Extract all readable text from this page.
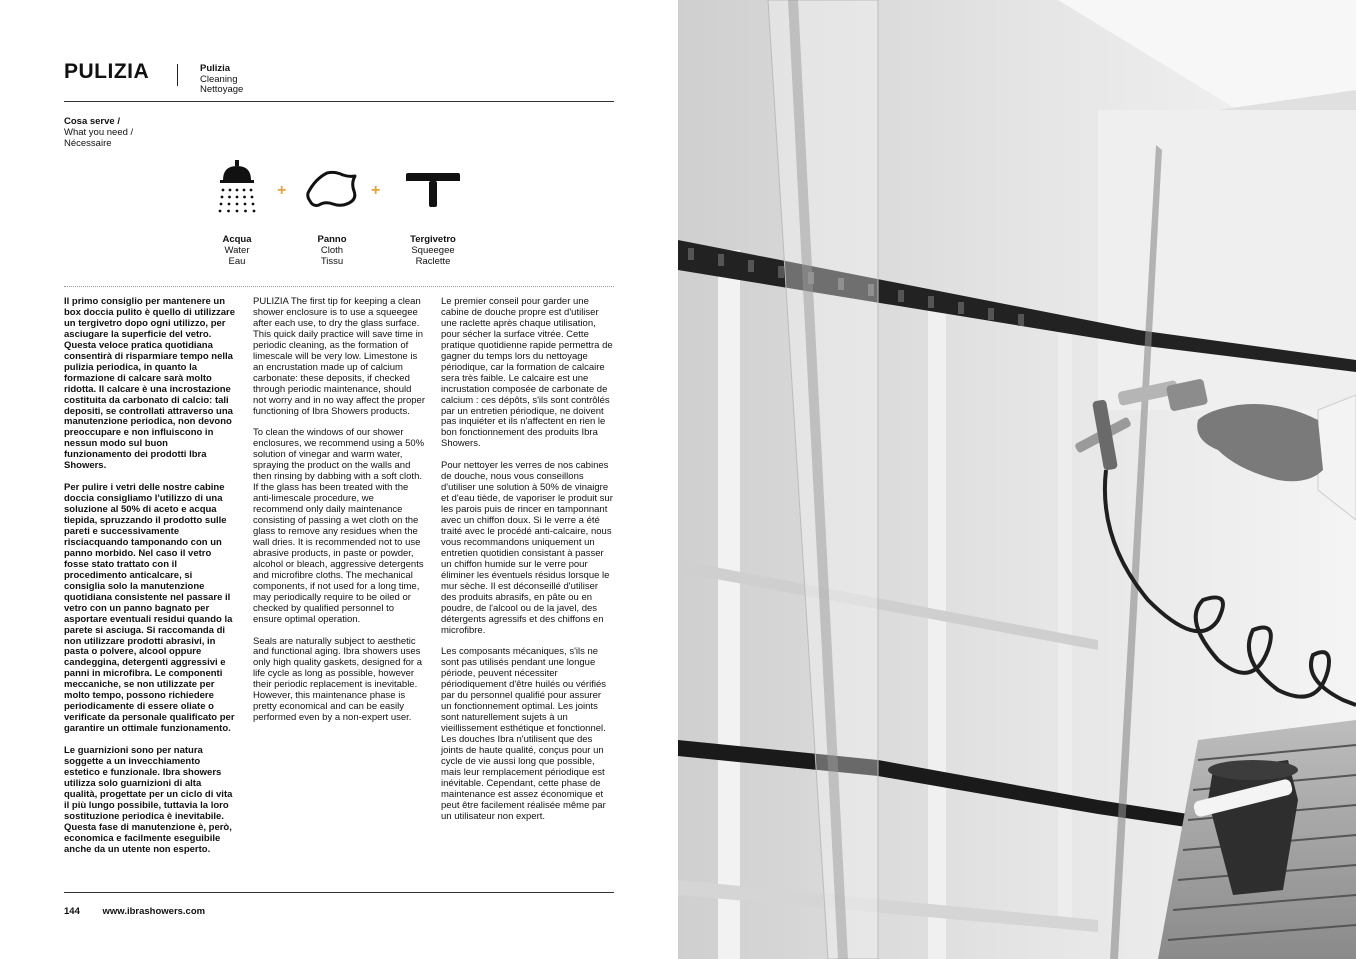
PULIZIA	Pulizia
Cleaning
Nettoyage
Cosa serve /
What you need /
Nécessaire
Acqua
Water
Eau
+
Panno
Cloth
Tissu
+
Tergivetro
Squeegee
Raclette

Il primo consiglio per mantenere un box doccia pulito è quello di utilizzare un tergivetro dopo ogni utilizzo, per asciugare la superficie del vetro. Questa veloce pratica quotidiana consentirà di risparmiare tempo nella pulizia periodica, in quanto la formazione di calcare sarà molto ridotta. Il calcare è una incrostazione costituita da carbonato di calcio: tali depositi, se controllati attraverso una manutenzione periodica, non devono preoccupare e non influiscono in nessun modo sul buon funzionamento dei prodotti Ibra Showers.

Per pulire i vetri delle nostre cabine doccia consigliamo l'utilizzo di una soluzione al 50% di aceto e acqua tiepida, spruzzando il prodotto sulle pareti e successivamente risciacquando tamponando con un panno morbido. Nel caso il vetro fosse stato trattato con il procedimento anticalcare, si consiglia solo la manutenzione quotidiana consistente nel passare il vetro con un panno bagnato per asportare eventuali residui quando la parete si asciuga. Si raccomanda di non utilizzare prodotti abrasivi, in pasta o polvere, alcool oppure candeggina, detergenti aggressivi e panni in microfibra. Le componenti meccaniche, se non utilizzate per molto tempo, possono richiedere periodicamente di essere oliate o verificate da personale qualificato per garantire un ottimale funzionamento.

Le guarnizioni sono per natura soggette a un invecchiamento estetico e funzionale. Ibra showers utilizza solo guarnizioni di alta qualità, progettate per un ciclo di vita il più lungo possibile, tuttavia la loro sostituzione periodica è inevitabile. Questa fase di manutenzione è, però, economica e facilmente eseguibile anche da un utente non esperto.

PULIZIA The first tip for keeping a clean shower enclosure is to use a squeegee after each use, to dry the glass surface. This quick daily practice will save time in periodic cleaning, as the formation of limescale will be very low. Limestone is an encrustation made up of calcium carbonate: these deposits, if checked through periodic maintenance, should not worry and in no way affect the proper functioning of Ibra Showers products.

To clean the windows of our shower enclosures, we recommend using a 50% solution of vinegar and warm water, spraying the product on the walls and then rinsing by dabbing with a soft cloth. If the glass has been treated with the anti-limescale procedure, we recommend only daily maintenance consisting of passing a wet cloth on the glass to remove any residues when the wall dries. It is recommended not to use abrasive products, in paste or powder, alcohol or bleach, aggressive detergents and microfibre cloths. The mechanical components, if not used for a long time, may periodically require to be oiled or checked by qualified personnel to ensure optimal operation.

Seals are naturally subject to aesthetic and functional aging. Ibra showers uses only high quality gaskets, designed for a life cycle as long as possible, however their periodic replacement is inevitable. However, this maintenance phase is pretty economical and can be easily performed even by a non-expert user.

Le premier conseil pour garder une cabine de douche propre est d'utiliser une raclette après chaque utilisation, pour sécher la surface vitrée. Cette pratique quotidienne rapide permettra de gagner du temps lors du nettoyage périodique, car la formation de calcaire sera très faible. Le calcaire est une incrustation composée de carbonate de calcium : ces dépôts, s'ils sont contrôlés par un entretien périodique, ne doivent pas inquiéter et ils n'affectent en rien le bon fonctionnement des produits Ibra Showers.

Pour nettoyer les verres de nos cabines de douche, nous vous conseillons d'utiliser une solution à 50% de vinaigre et d'eau tiède, de vaporiser le produit sur les parois puis de rincer en tamponnant avec un chiffon doux. Si le verre a été traité avec le procédé anti-calcaire, nous vous recommandons uniquement un entretien quotidien consistant à passer un chiffon humide sur le verre pour éliminer les éventuels résidus lorsque le mur sèche. Il est déconseillé d'utiliser des produits abrasifs, en pâte ou en poudre, de l'alcool ou de la javel, des détergents agressifs et des chiffons en microfibre.

Les composants mécaniques, s'ils ne sont pas utilisés pendant une longue période, peuvent nécessiter périodiquement d'être huilés ou vérifiés par du personnel qualifié pour assurer un fonctionnement optimal. Les joints sont naturellement sujets à un vieillissement esthétique et fonctionnel. Les douches Ibra n'utilisent que des joints de haute qualité, conçus pour un cycle de vie aussi long que possible, mais leur remplacement périodique est inévitable. Cependant, cette phase de maintenance est assez économique et peut être facilement réalisée même par un utilisateur non expert.

144 www.ibrashowers.com
